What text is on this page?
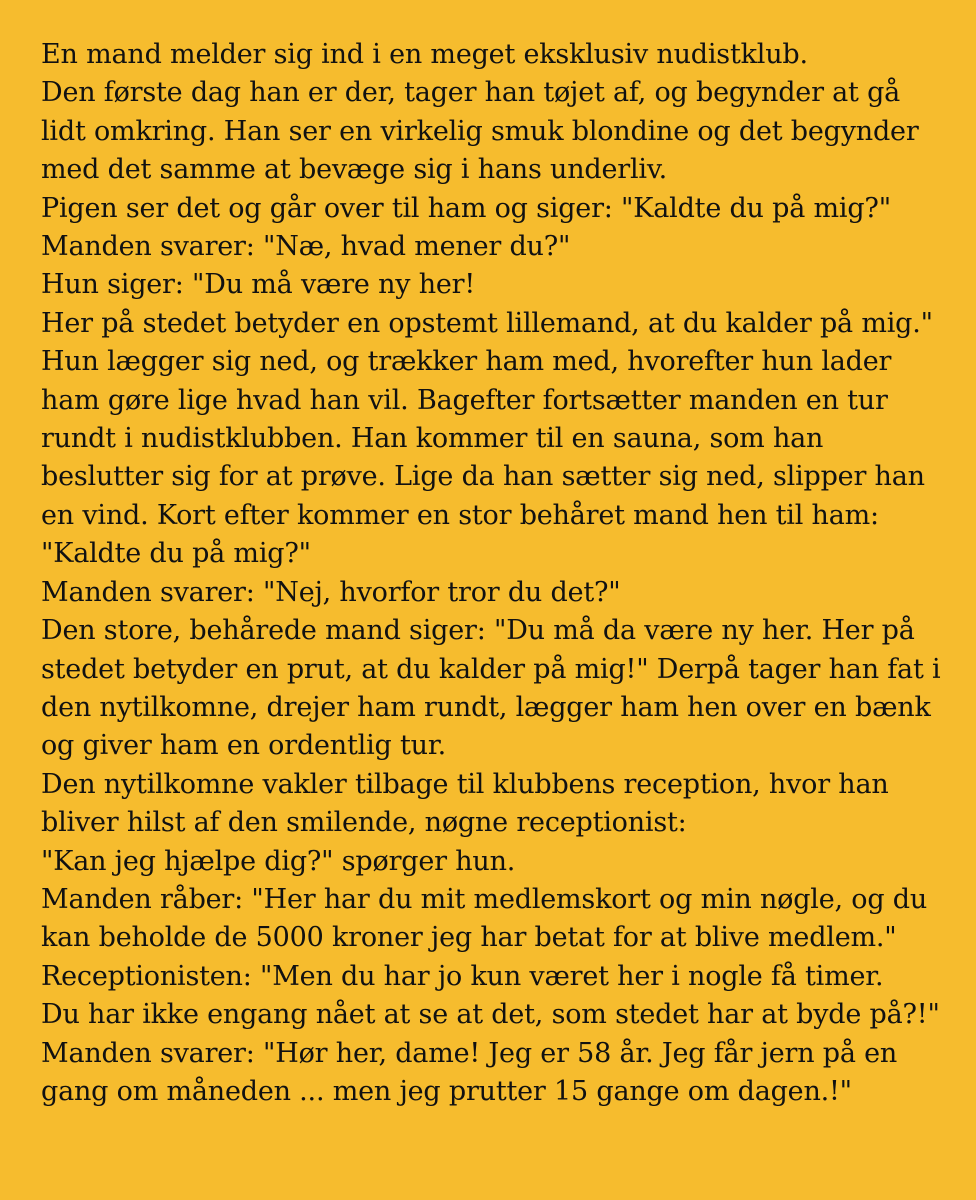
En mand melder sig ind i en meget eksklusiv nudistklub.
Den første dag han er der, tager han tøjet af, og begynder at gå
lidt omkring. Han ser en virkelig smuk blondine og det begynder
med det samme at bevæge sig i hans underliv.
Pigen ser det og går over til ham og siger: "Kaldte du på mig?"
Manden svarer: "Næ, hvad mener du?"
Hun siger: "Du må være ny her!
Her på stedet betyder en opstemt lillemand, at du kalder på mig."
Hun lægger sig ned, og trækker ham med, hvorefter hun lader
ham gøre lige hvad han vil. Bagefter fortsætter manden en tur
rundt i nudistklubben. Han kommer til en sauna, som han
beslutter sig for at prøve. Lige da han sætter sig ned, slipper han
en vind. Kort efter kommer en stor behåret mand hen til ham:
"Kaldte du på mig?"
Manden svarer: "Nej, hvorfor tror du det?"
Den store, behårede mand siger: "Du må da være ny her. Her på
stedet betyder en prut, at du kalder på mig!" Derpå tager han fat i
den nytilkomne, drejer ham rundt, lægger ham hen over en bænk
og giver ham en ordentlig tur.
Den nytilkomne vakler tilbage til klubbens reception, hvor han
bliver hilst af den smilende, nøgne receptionist:
"Kan jeg hjælpe dig?" spørger hun.
Manden råber: "Her har du mit medlemskort og min nøgle, og du
kan beholde de 5000 kroner jeg har betat for at blive medlem."
Receptionisten: "Men du har jo kun været her i nogle få timer.
Du har ikke engang nået at se at det, som stedet har at byde på?!"
Manden svarer: "Hør her, dame! Jeg er 58 år. Jeg får jern på en
gang om måneden ... men jeg prutter 15 gange om dagen.!"
